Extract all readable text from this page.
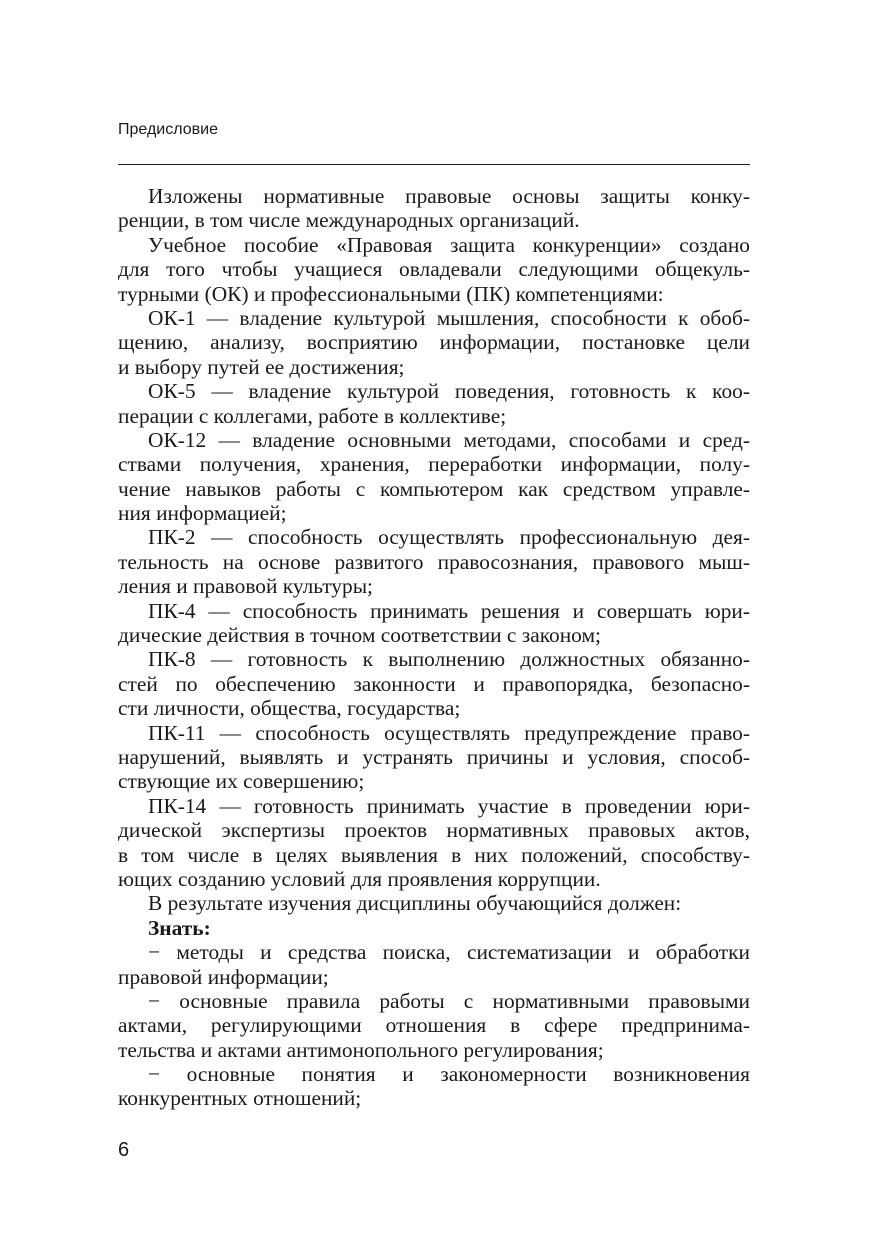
Предисловие
Изложены нормативные правовые основы защиты конку-
ренции, в том числе международных организаций.
Учебное пособие «Правовая защита конкуренции» создано
для того чтобы учащиеся овладевали следующими общекуль-
турными (ОК) и профессиональными (ПК) компетенциями:
ОК-1 — владение культурой мышления, способности к обоб-
щению, анализу, восприятию информации, постановке цели
и выбору путей ее достижения;
ОК-5 — владение культурой поведения, готовность к коо-
перации с коллегами, работе в коллективе;
ОК-12 — владение основными методами, способами и сред-
ствами получения, хранения, переработки информации, полу-
чение навыков работы с компьютером как средством управле-
ния информацией;
ПК-2 — способность осуществлять профессиональную дея-
тельность на основе развитого правосознания, правового мыш-
ления и правовой культуры;
ПК-4 — способность принимать решения и совершать юри-
дические действия в точном соответствии с законом;
ПК-8 — готовность к выполнению должностных обязанно-
стей по обеспечению законности и правопорядка, безопасно-
сти личности, общества, государства;
ПК-11 — способность осуществлять предупреждение право-
нарушений, выявлять и устранять причины и условия, способ-
ствующие их совершению;
ПК-14 — готовность принимать участие в проведении юри-
дической экспертизы проектов нормативных правовых актов,
в том числе в целях выявления в них положений, способству-
ющих созданию условий для проявления коррупции.
В результате изучения дисциплины обучающийся должен:
Знать:
− методы и средства поиска, систематизации и обработки
правовой информации;
− основные правила работы с нормативными правовыми
актами, регулирующими отношения в сфере предпринима-
тельства и актами антимонопольного регулирования;
− основные понятия и закономерности возникновения
конкурентных отношений;
6
